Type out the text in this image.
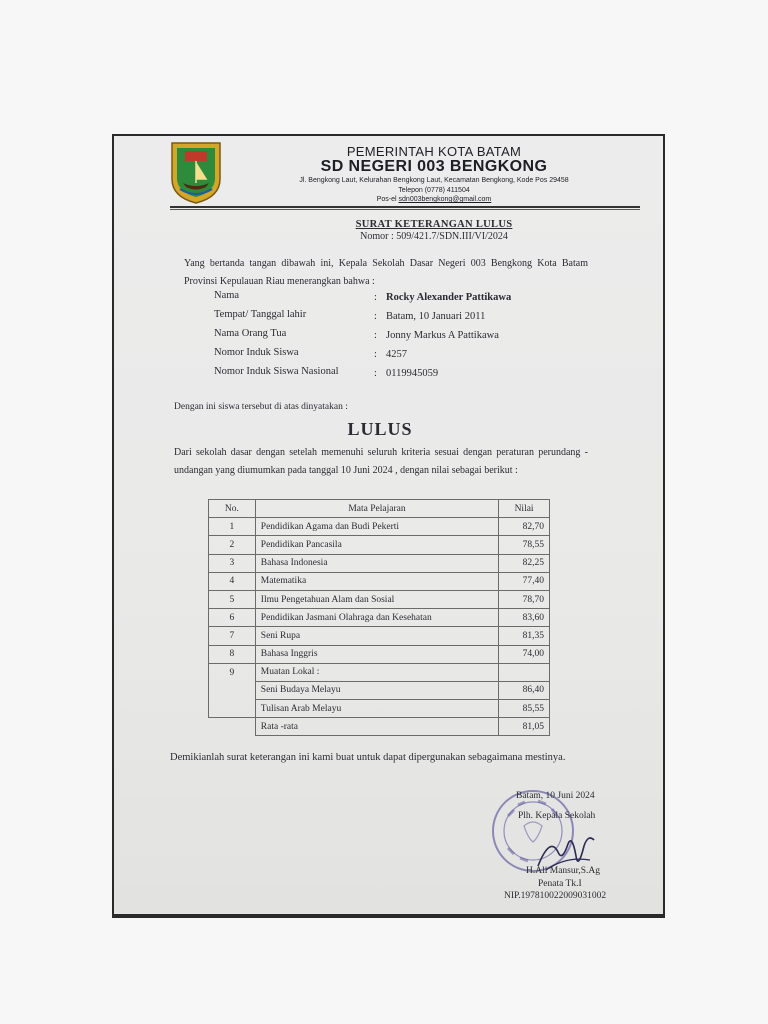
PEMERINTAH KOTA BATAM
SD NEGERI 003 BENGKONG
Jl. Bengkong Laut, Kelurahan Bengkong Laut, Kecamatan Bengkong, Kode Pos 29458
Telepon (0778) 411504
Pos-el sdn003bengkong@gmail.com
SURAT KETERANGAN LULUS
Nomor : 509/421.7/SDN.III/VI/2024
Yang bertanda tangan dibawah ini, Kepala Sekolah Dasar Negeri 003 Bengkong Kota Batam Provinsi Kepulauan Riau menerangkan bahwa :
Nama	: Rocky Alexander Pattikawa
Tempat/ Tanggal lahir	: Batam, 10 Januari 2011
Nama Orang Tua	: Jonny Markus A Pattikawa
Nomor Induk Siswa	: 4257
Nomor Induk Siswa Nasional	: 0119945059
Dengan ini siswa tersebut di atas dinyatakan :
LULUS
Dari sekolah dasar dengan setelah memenuhi seluruh kriteria sesuai dengan peraturan perundang -undangan yang diumumkan pada tanggal 10 Juni 2024 , dengan nilai sebagai berikut :
No.	Mata Pelajaran	Nilai
1	Pendidikan Agama dan Budi Pekerti	82,70
2	Pendidikan Pancasila	78,55
3	Bahasa Indonesia	82,25
4	Matematika	77,40
5	Ilmu Pengetahuan Alam dan Sosial	78,70
6	Pendidikan Jasmani Olahraga dan Kesehatan	83,60
7	Seni Rupa	81,35
8	Bahasa Inggris	74,00
9	Muatan Lokal :	
	Seni Budaya Melayu	86,40
	Tulisan Arab Melayu	85,55
	Rata -rata	81,05
Demikianlah surat keterangan ini kami buat untuk dapat dipergunakan sebagaimana mestinya.
Batam, 10 Juni 2024
Plh. Kepala Sekolah
H.Ali Mansur,S.Ag
Penata Tk.I
NIP.197810022009031002
